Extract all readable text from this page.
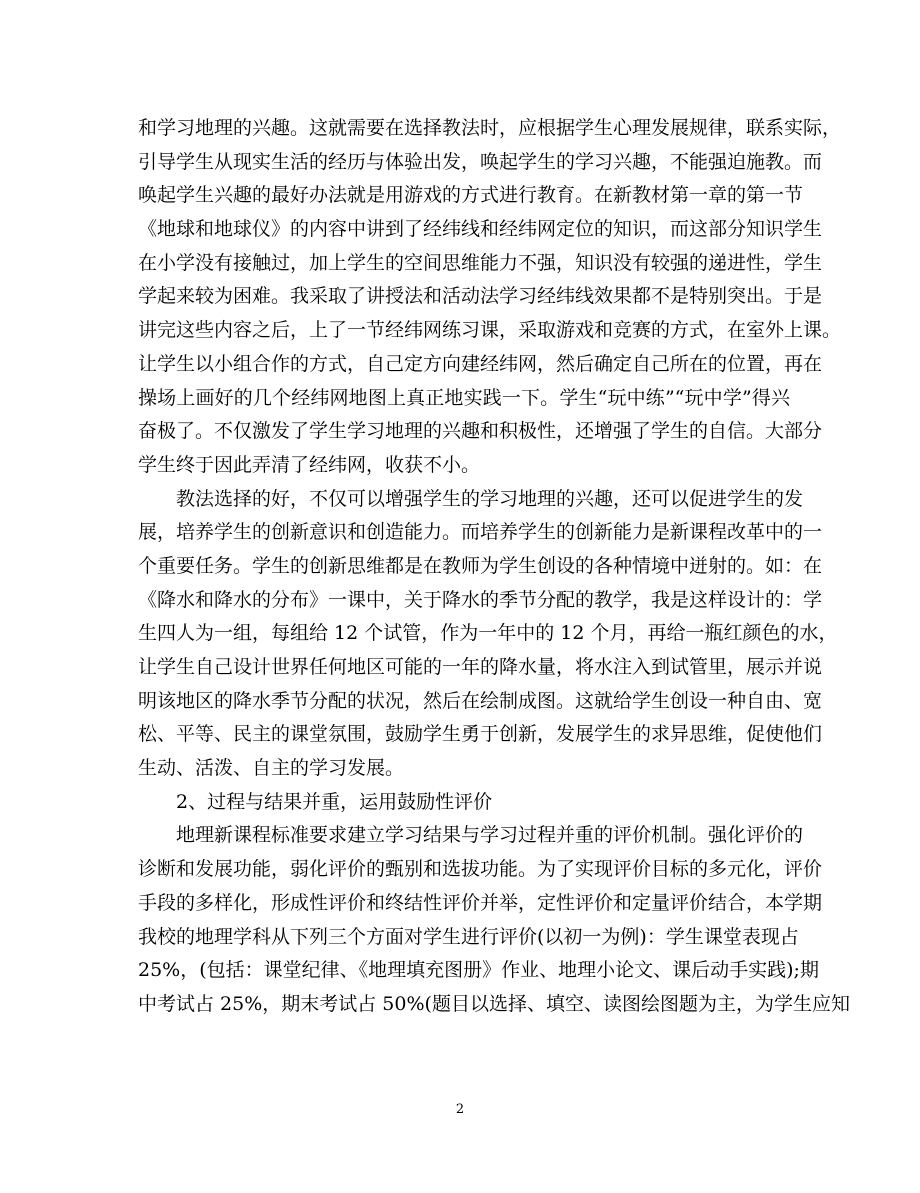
和学习地理的兴趣。这就需要在选择教法时，应根据学生心理发展规律，联系实际，
引导学生从现实生活的经历与体验出发，唤起学生的学习兴趣，不能强迫施教。而
唤起学生兴趣的最好办法就是用游戏的方式进行教育。在新教材第一章的第一节
《地球和地球仪》的内容中讲到了经纬线和经纬网定位的知识，而这部分知识学生
在小学没有接触过，加上学生的空间思维能力不强，知识没有较强的递进性，学生
学起来较为困难。我采取了讲授法和活动法学习经纬线效果都不是特别突出。于是
讲完这些内容之后，上了一节经纬网练习课，采取游戏和竞赛的方式，在室外上课。
让学生以小组合作的方式，自己定方向建经纬网，然后确定自己所在的位置，再在
操场上画好的几个经纬网地图上真正地实践一下。学生“玩中练”“玩中学”得兴
奋极了。不仅激发了学生学习地理的兴趣和积极性，还增强了学生的自信。大部分
学生终于因此弄清了经纬网，收获不小。
教法选择的好，不仅可以增强学生的学习地理的兴趣，还可以促进学生的发
展，培养学生的创新意识和创造能力。而培养学生的创新能力是新课程改革中的一
个重要任务。学生的创新思维都是在教师为学生创设的各种情境中迸射的。如：在
《降水和降水的分布》一课中，关于降水的季节分配的教学，我是这样设计的：学
生四人为一组，每组给 12 个试管，作为一年中的 12 个月，再给一瓶红颜色的水，
让学生自己设计世界任何地区可能的一年的降水量，将水注入到试管里，展示并说
明该地区的降水季节分配的状况，然后在绘制成图。这就给学生创设一种自由、宽
松、平等、民主的课堂氛围，鼓励学生勇于创新，发展学生的求异思维，促使他们
生动、活泼、自主的学习发展。
2、过程与结果并重，运用鼓励性评价
地理新课程标准要求建立学习结果与学习过程并重的评价机制。强化评价的
诊断和发展功能，弱化评价的甄别和选拔功能。为了实现评价目标的多元化，评价
手段的多样化，形成性评价和终结性评价并举，定性评价和定量评价结合，本学期
我校的地理学科从下列三个方面对学生进行评价(以初一为例)：学生课堂表现占
25%，(包括：课堂纪律、《地理填充图册》作业、地理小论文、课后动手实践);期
中考试占 25%，期末考试占 50%(题目以选择、填空、读图绘图题为主，为学生应知
2
